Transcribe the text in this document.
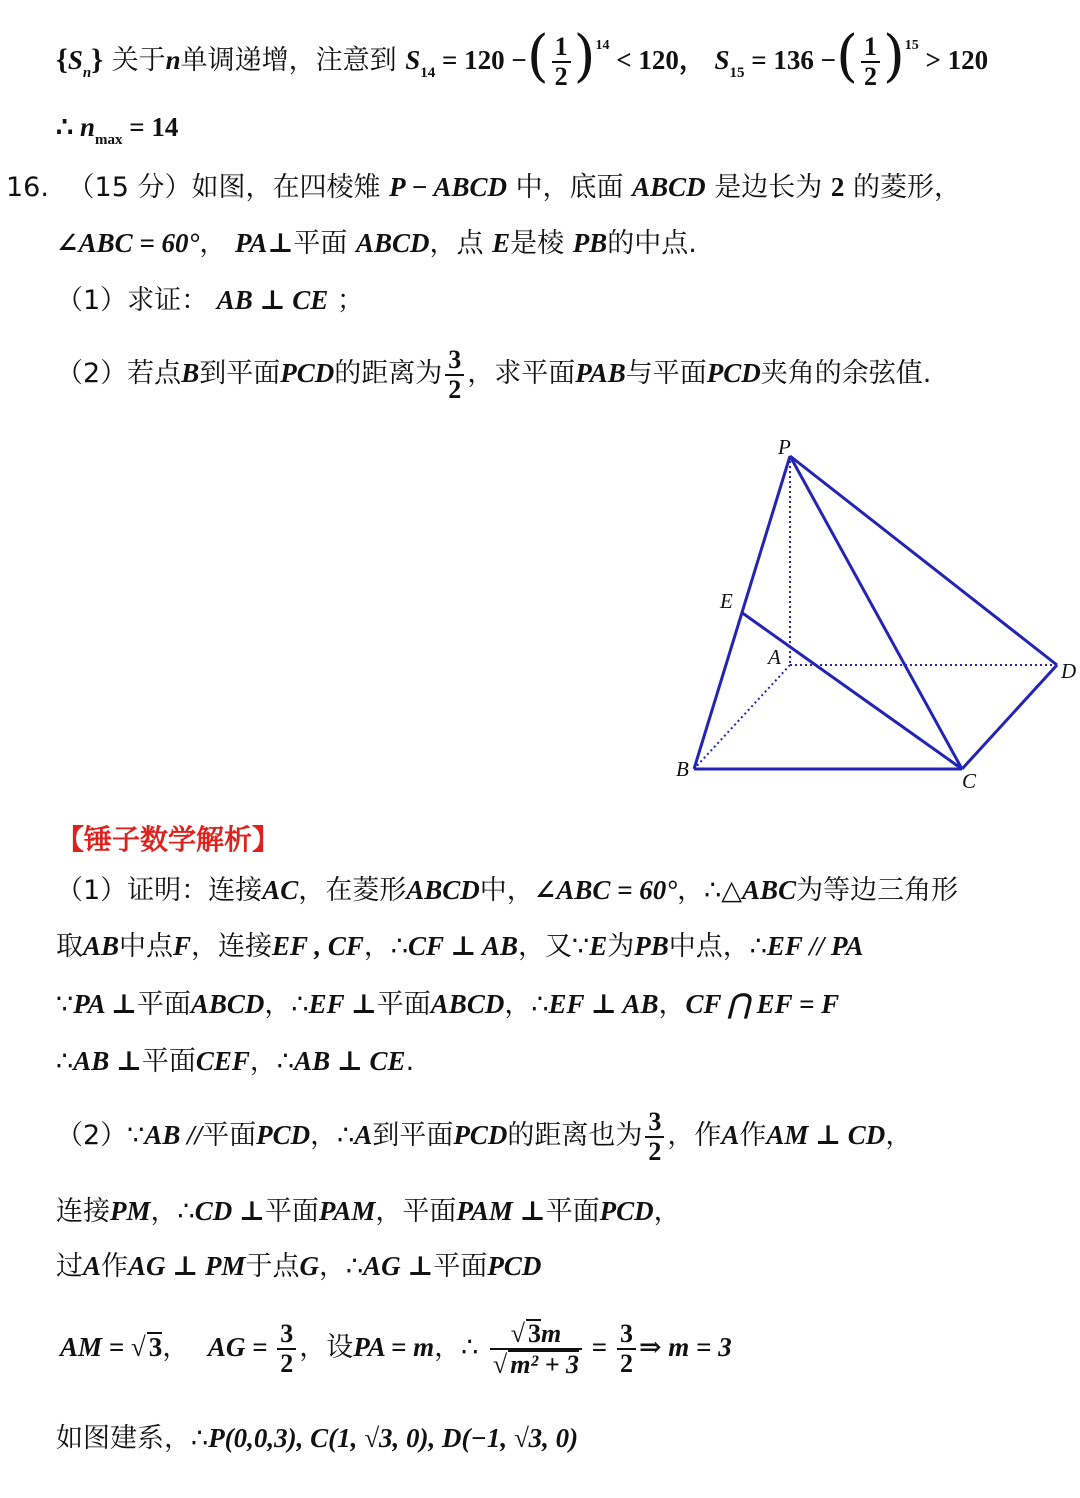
$\{S_n\}$ 关于n单调递增，注意到 $S_{14} = 120$ −( $\frac{1}{2} )^{14} < 120$， $S_{15} = 136$ −( $\frac{1}{2} )^{15} > 120$
∴ $n_{max} = 14$
16. （15 分）如图，在四棱雉 P − ABCD 中，底面 ABCD 是边长为 2 的菱形，
∠ABC = 60°， PA⊥平面 ABCD，点 E是棱 PB的中点.
（1）求证： AB ⊥ CE ；
（2）若点B到平面PCD的距离为 $\frac{3}{2}$ ，求平面PAB与平面PCD夹角的余弦值.
P
E
A
D
B	C
【锤子数学解析】
（1）证明：连接AC，在菱形ABCD中，∠ABC = 60°，∴△ABC为等边三角形
取AB中点F，连接EF , CF，∴CF ⊥ AB，又∵E为PB中点，∴EF // PA
∵PA ⊥平面ABCD，∴EF ⊥平面ABCD，∴EF ⊥ AB，CF ⋂ EF = F
∴AB ⊥平面CEF，∴AB ⊥ CE.
（2）∵AB //平面PCD，∴A到平面PCD的距离也为 $\frac{3}{2}$ ，作A作AM ⊥ CD，
连接PM，∴CD ⊥平面PAM，平面PAM ⊥平面PCD，
过A作AG ⊥ PM于点G，∴AG ⊥平面PCD
AM = √ 3， AG = $\frac{3}{2}$ ，设PA = m，∴ $\frac{√ 3m}{\text{√ m² + 3}} = \frac{3}{2}$ ⇒ m = 3
如图建系，∴P(0,0,3), C(1, √3, 0), D(−1, √3, 0)
